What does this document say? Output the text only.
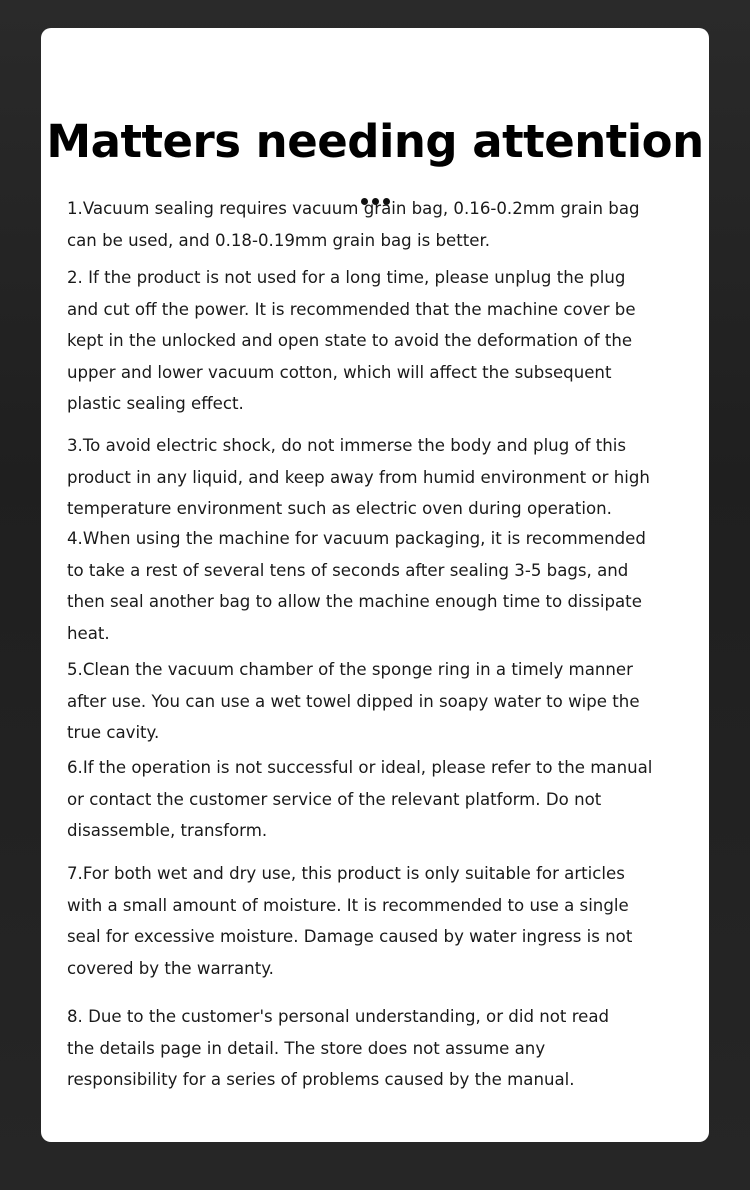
Matters needing attention

1.Vacuum sealing requires vacuum grain bag, 0.16-0.2mm grain bag
can be used, and 0.18-0.19mm grain bag is better.

2. If the product is not used for a long time, please unplug the plug
and cut off the power. It is recommended that the machine cover be
kept in the unlocked and open state to avoid the deformation of the
upper and lower vacuum cotton, which will affect the subsequent
plastic sealing effect.

3.To avoid electric shock, do not immerse the body and plug of this
product in any liquid, and keep away from humid environment or high
temperature environment such as electric oven during operation.

4.When using the machine for vacuum packaging, it is recommended
to take a rest of several tens of seconds after sealing 3-5 bags, and
then seal another bag to allow the machine enough time to dissipate
heat.

5.Clean the vacuum chamber of the sponge ring in a timely manner
after use. You can use a wet towel dipped in soapy water to wipe the
true cavity.

6.If the operation is not successful or ideal, please refer to the manual
or contact the customer service of the relevant platform. Do not
disassemble, transform.

7.For both wet and dry use, this product is only suitable for articles
with a small amount of moisture. It is recommended to use a single
seal for excessive moisture. Damage caused by water ingress is not
covered by the warranty.

8. Due to the customer's personal understanding, or did not read
the details page in detail. The store does not assume any
responsibility for a series of problems caused by the manual.
